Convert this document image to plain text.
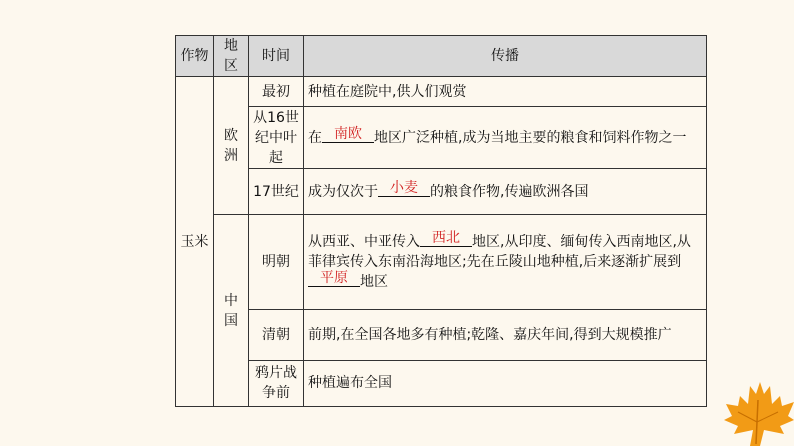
作物	地区	时间	传播
玉米	欧洲	最初	种植在庭院中,供人们观赏
		从16世纪中叶起	在 南欧 地区广泛种植,成为当地主要的粮食和饲料作物之一
		17世纪	成为仅次于 小麦 的粮食作物,传遍欧洲各国
	中国	明朝	从西亚、中亚传入 西北 地区,从印度、缅甸传入西南地区,从菲律宾传入东南沿海地区;先在丘陵山地种植,后来逐渐扩展到平原 地区
		清朝	前期,在全国各地多有种植;乾隆、嘉庆年间,得到大规模推广
		鸦片战争前	种植遍布全国
